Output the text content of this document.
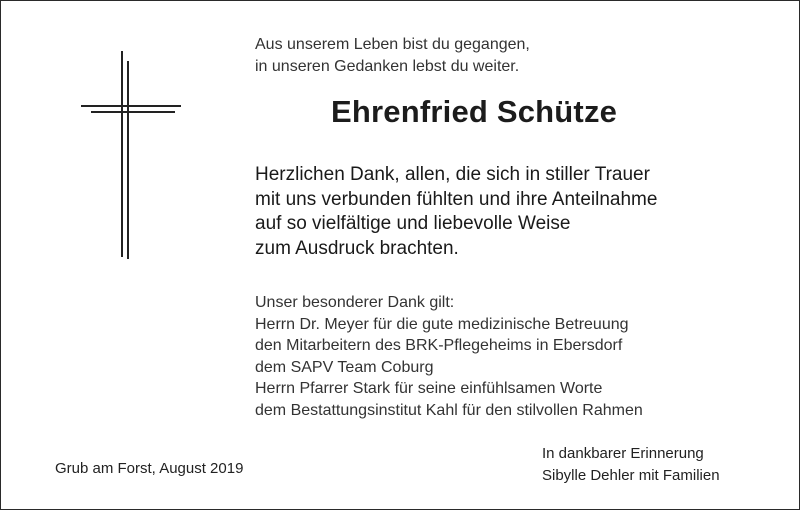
Aus unserem Leben bist du gegangen,
in unseren Gedanken lebst du weiter.
Ehrenfried Schütze
Herzlichen Dank, allen, die sich in stiller Trauer
mit uns verbunden fühlten und ihre Anteilnahme
auf so vielfältige und liebevolle Weise
zum Ausdruck brachten.
Unser besonderer Dank gilt:
Herrn Dr. Meyer für die gute medizinische Betreuung
den Mitarbeitern des BRK-Pflegeheims in Ebersdorf
dem SAPV Team Coburg
Herrn Pfarrer Stark für seine einfühlsamen Worte
dem Bestattungsinstitut Kahl für den stilvollen Rahmen
Grub am Forst, August 2019
In dankbarer Erinnerung
Sibylle Dehler mit Familien
